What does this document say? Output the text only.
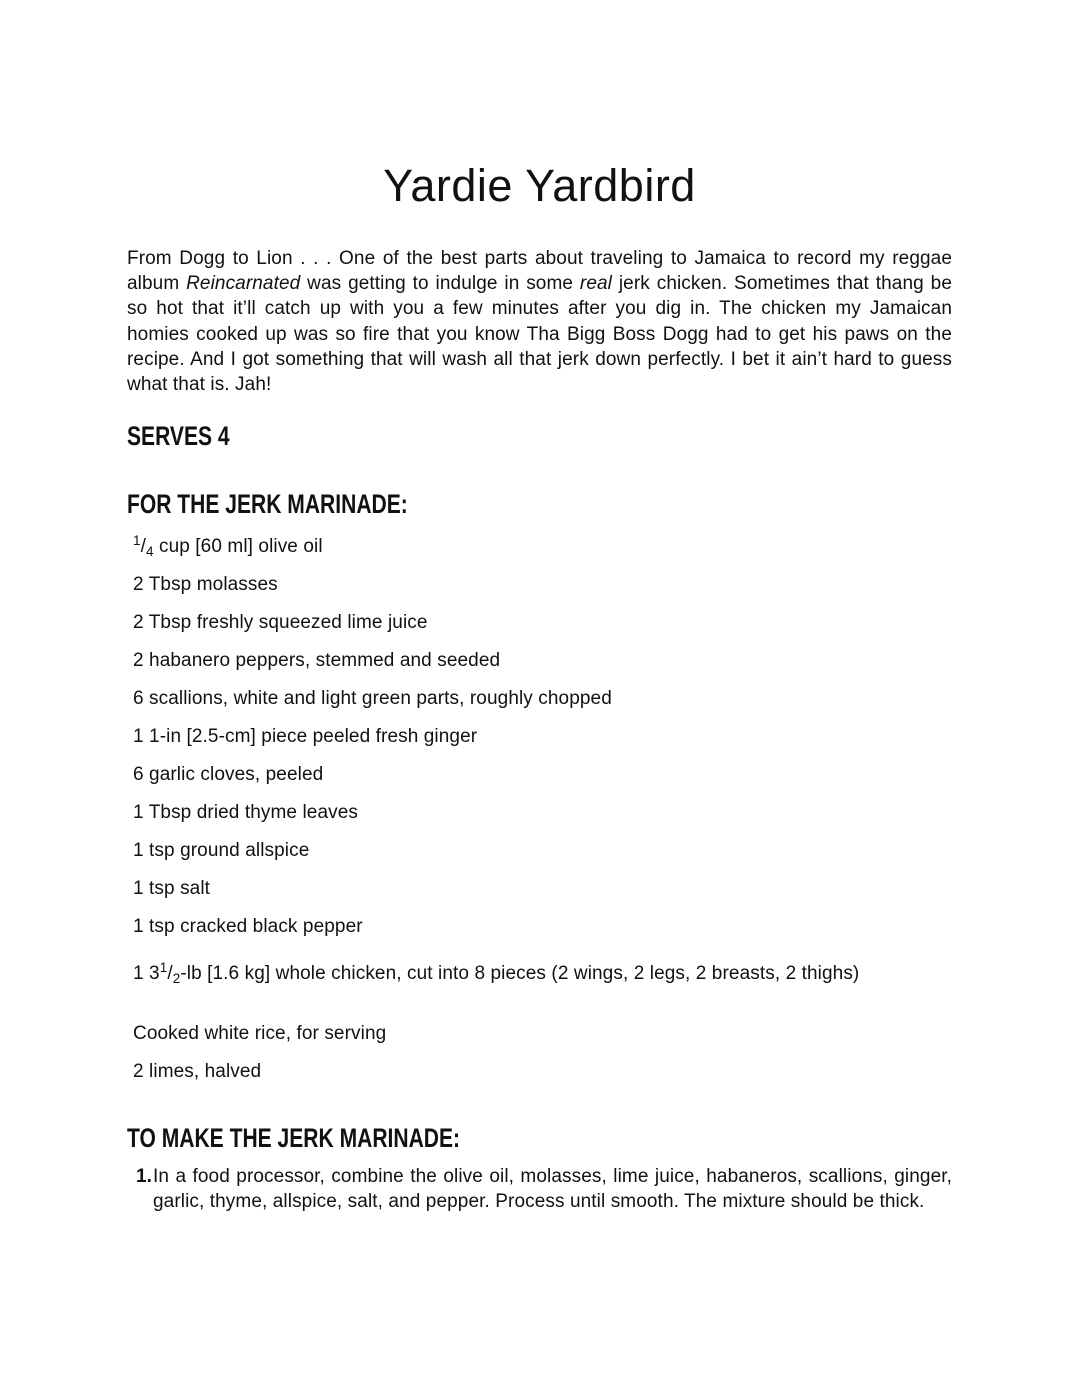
Yardie Yardbird

From Dogg to Lion . . . One of the best parts about traveling to Jamaica to record my reggae album Reincarnated was getting to indulge in some real jerk chicken. Sometimes that thang be so hot that it’ll catch up with you a few minutes after you dig in. The chicken my Jamaican homies cooked up was so fire that you know Tha Bigg Boss Dogg had to get his paws on the recipe. And I got something that will wash all that jerk down perfectly. I bet it ain’t hard to guess what that is. Jah!

SERVES 4
FOR THE JERK MARINADE:
$^1/_4$ cup [60 ml] olive oil
2 Tbsp molasses
2 Tbsp freshly squeezed lime juice
2 habanero peppers, stemmed and seeded
6 scallions, white and light green parts, roughly chopped
1 1-in [2.5-cm] piece peeled fresh ginger
6 garlic cloves, peeled
1 Tbsp dried thyme leaves
1 tsp ground allspice
1 tsp salt
1 tsp cracked black pepper
1 $3^1/_2-lb$ [1.6 kg] whole chicken, cut into 8 pieces (2 wings, 2 legs, 2 breasts, 2 thighs)
Cooked white rice, for serving
2 limes, halved
TO MAKE THE JERK MARINADE:
1. In a food processor, combine the olive oil, molasses, lime juice, habaneros, scallions, ginger, garlic, thyme, allspice, salt, and pepper. Process until smooth. The mixture should be thick.
